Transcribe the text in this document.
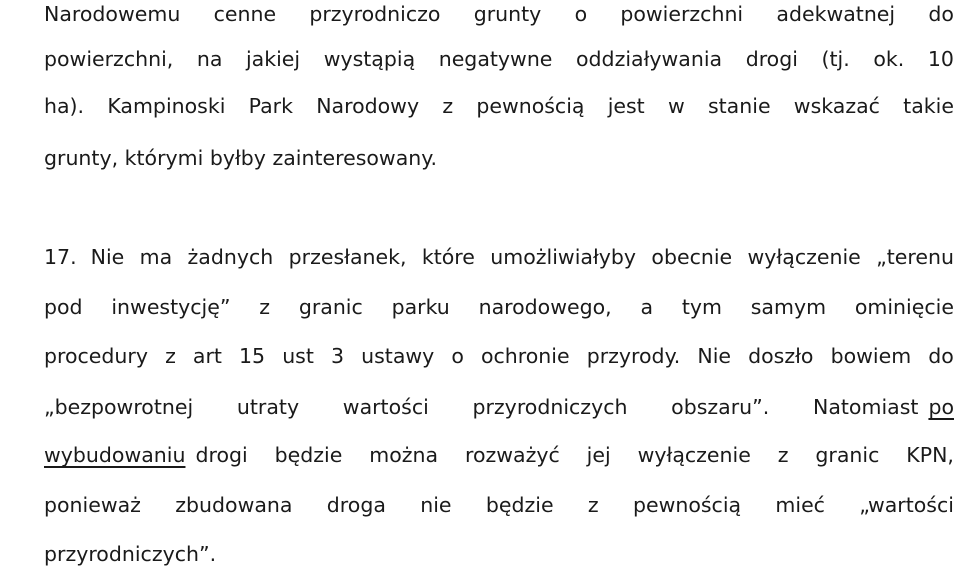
Narodowemu cenne przyrodniczo grunty o powierzchni adekwatnej do
powierzchni, na jakiej wystąpią negatywne oddziaływania drogi (tj. ok. 10
ha). Kampinoski Park Narodowy z pewnością jest w stanie wskazać takie
grunty, którymi byłby zainteresowany.
17. Nie ma żadnych przesłanek, które umożliwiałyby obecnie wyłączenie „terenu
pod inwestycję” z granic parku narodowego, a tym samym ominięcie
procedury z art 15 ust 3 ustawy o ochronie przyrody. Nie doszło bowiem do
„bezpowrotnej utraty wartości przyrodniczych obszaru”. Natomiast po
wybudowaniu drogi będzie można rozważyć jej wyłączenie z granic KPN,
ponieważ zbudowana droga nie będzie z pewnością mieć „wartości
przyrodniczych”.
